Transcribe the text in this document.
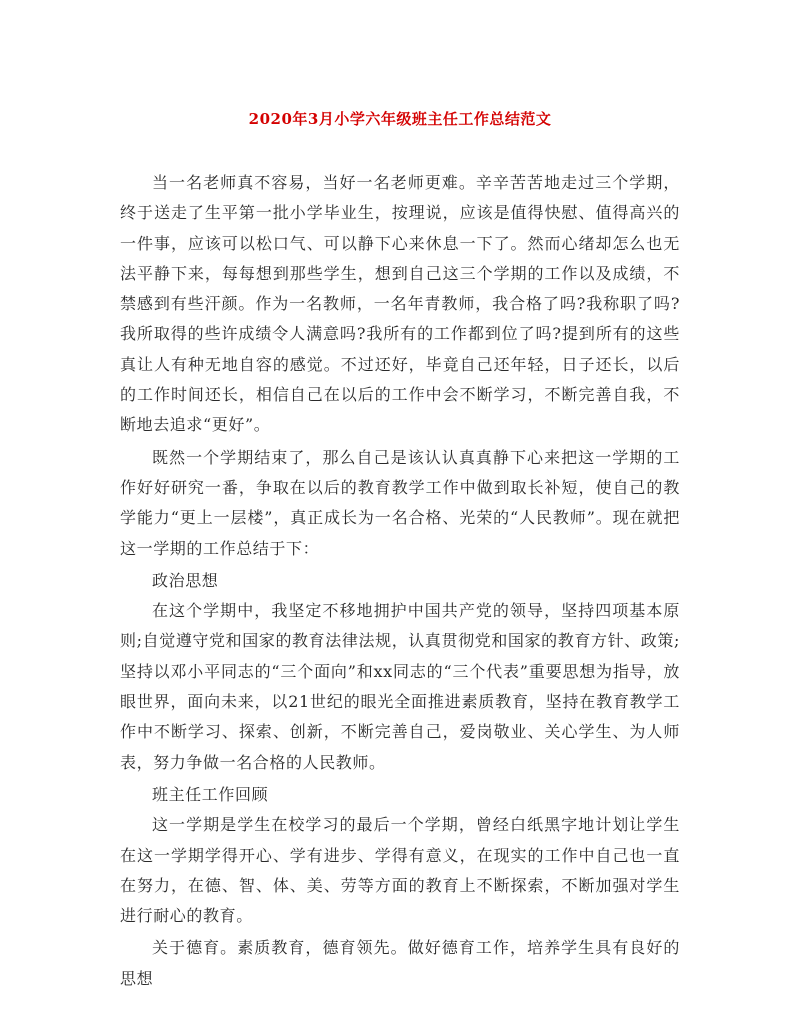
2020年3月小学六年级班主任工作总结范文

当一名老师真不容易，当好一名老师更难。辛辛苦苦地走过三个学期，终于送走了生平第一批小学毕业生，按理说，应该是值得快慰、值得高兴的一件事，应该可以松口气、可以静下心来休息一下了。然而心绪却怎么也无法平静下来，每每想到那些学生，想到自己这三个学期的工作以及成绩，不禁感到有些汗颜。作为一名教师，一名年青教师，我合格了吗?我称职了吗?我所取得的些许成绩令人满意吗?我所有的工作都到位了吗?提到所有的这些真让人有种无地自容的感觉。不过还好，毕竟自己还年轻，日子还长，以后的工作时间还长，相信自己在以后的工作中会不断学习，不断完善自我，不断地去追求“更好”。

既然一个学期结束了，那么自己是该认认真真静下心来把这一学期的工作好好研究一番，争取在以后的教育教学工作中做到取长补短，使自己的教学能力“更上一层楼”，真正成长为一名合格、光荣的“人民教师”。现在就把这一学期的工作总结于下：

政治思想

在这个学期中，我坚定不移地拥护中国共产党的领导，坚持四项基本原则;自觉遵守党和国家的教育法律法规，认真贯彻党和国家的教育方针、政策;坚持以邓小平同志的“三个面向”和xx同志的“三个代表”重要思想为指导，放眼世界，面向未来，以21世纪的眼光全面推进素质教育，坚持在教育教学工作中不断学习、探索、创新，不断完善自己，爱岗敬业、关心学生、为人师表，努力争做一名合格的人民教师。

班主任工作回顾

这一学期是学生在校学习的最后一个学期，曾经白纸黑字地计划让学生在这一学期学得开心、学有进步、学得有意义，在现实的工作中自己也一直在努力，在德、智、体、美、劳等方面的教育上不断探索，不断加强对学生进行耐心的教育。

关于德育。素质教育，德育领先。做好德育工作，培养学生具有良好的思想
